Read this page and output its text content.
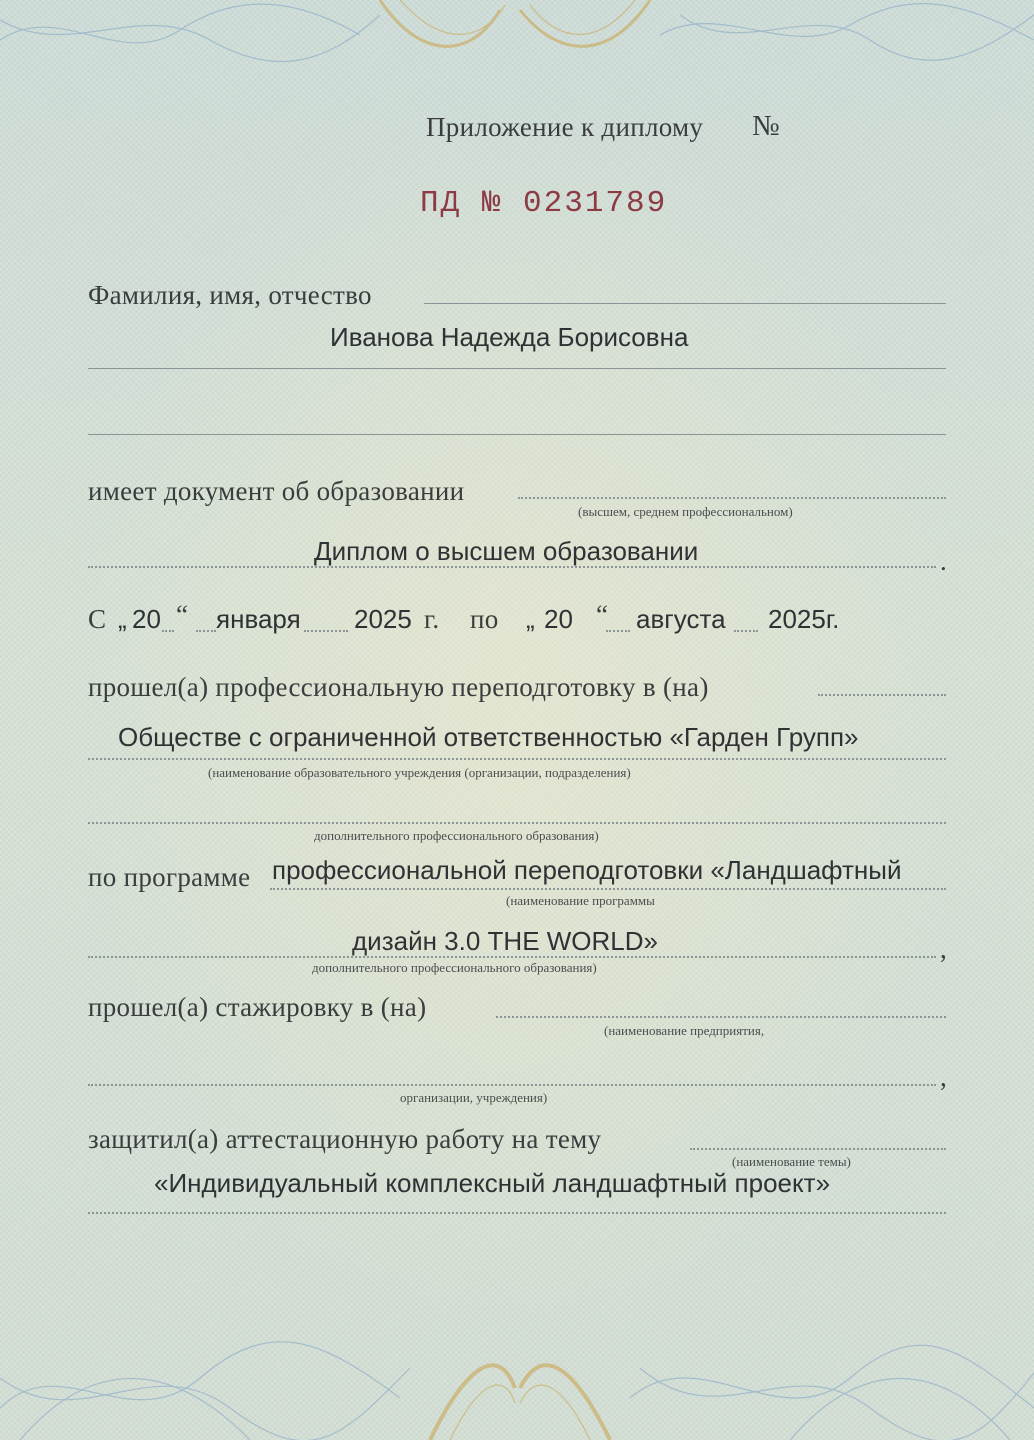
Приложение к диплому №
ПД № 0231789
Фамилия, имя, отчество
Иванова Надежда Борисовна
имеет документ об образовании
(высшем, среднем профессиональном)
Диплом о высшем образовании	.
С „ 20 “ января 2025 г. по „ 20 “ августа 2025г.
прошел(а) профессиональную переподготовку в (на)
Обществе с ограниченной ответственностью «Гарден Групп»
(наименование образовательного учреждения (организации, подразделения)
дополнительного профессионального образования)
по программе профессиональной переподготовки «Ландшафтный
(наименование программы
дизайн 3.0 THE WORLD»	,
дополнительного профессионального образования)
прошел(а) стажировку в (на)
(наименование предприятия,
,
организации, учреждения)
защитил(а) аттестационную работу на тему
(наименование темы)
«Индивидуальный комплексный ландшафтный проект»
